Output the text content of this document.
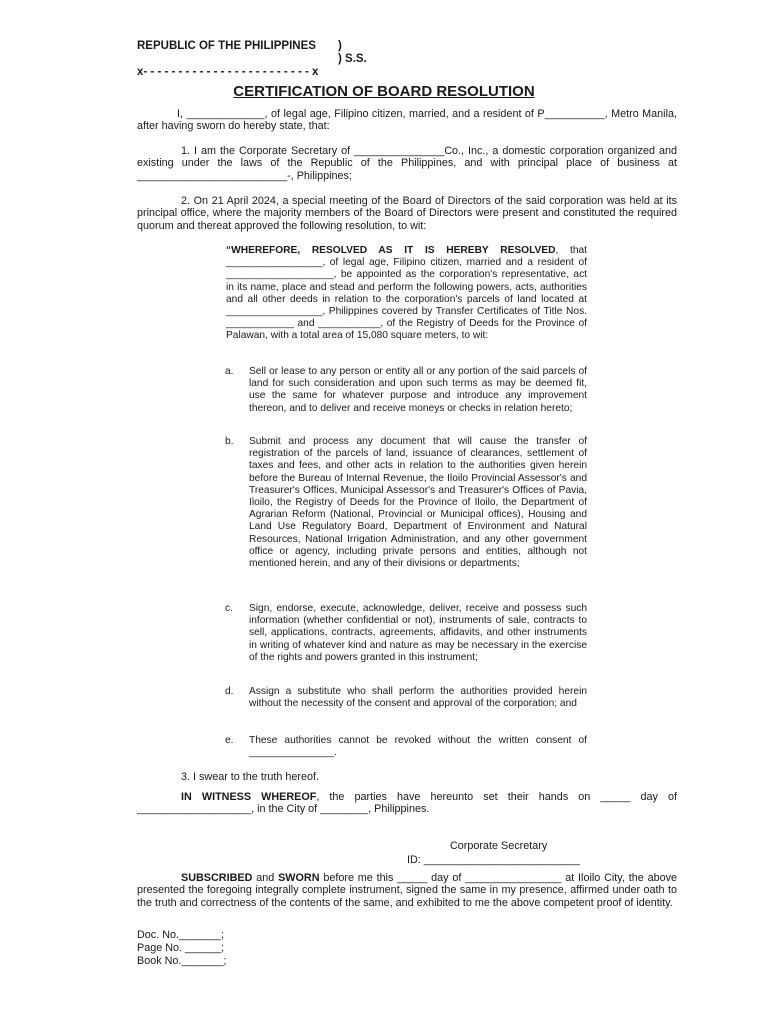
REPUBLIC OF THE PHILIPPINES )
) S.S.
x- - - - - - - - - - - - - - - - - - - - - - - - x
CERTIFICATION OF BOARD RESOLUTION
I, _____________, of legal age, Filipino citizen, married, and a resident of P__________, Metro Manila, after having sworn do hereby state, that:
1. I am the Corporate Secretary of _______________Co., Inc., a domestic corporation organized and existing under the laws of the Republic of the Philippines, and with principal place of business at _________________________-, Philippines;
2. On 21 April 2024, a special meeting of the Board of Directors of the said corporation was held at its principal office, where the majority members of the Board of Directors were present and constituted the required quorum and thereat approved the following resolution, to wit:
“WHEREFORE, RESOLVED AS IT IS HEREBY RESOLVED, that _________________, of legal age, Filipino citizen, married and a resident of ___________________, be appointed as the corporation's representative, act in its name, place and stead and perform the following powers, acts, authorities and all other deeds in relation to the corporation's parcels of land located at _________________, Philippines covered by Transfer Certificates of Title Nos. ____________ and ___________, of the Registry of Deeds for the Province of Palawan, with a total area of 15,080 square meters, to wit:
a. Sell or lease to any person or entity all or any portion of the said parcels of land for such consideration and upon such terms as may be deemed fit, use the same for whatever purpose and introduce any improvement thereon, and to deliver and receive moneys or checks in relation hereto;
b. Submit and process any document that will cause the transfer of registration of the parcels of land, issuance of clearances, settlement of taxes and fees, and other acts in relation to the authorities given herein before the Bureau of Internal Revenue, the Iloilo Provincial Assessor's and Treasurer's Offices, Municipal Assessor's and Treasurer's Offices of Pavia, Iloilo, the Registry of Deeds for the Province of Iloilo, the Department of Agrarian Reform (National, Provincial or Municipal offices), Housing and Land Use Regulatory Board, Department of Environment and Natural Resources, National Irrigation Administration, and any other government office or agency, including private persons and entities, although not mentioned herein, and any of their divisions or departments;
c. Sign, endorse, execute, acknowledge, deliver, receive and possess such information (whether confidential or not), instruments of sale, contracts to sell, applications, contracts, agreements, affidavits, and other instruments in writing of whatever kind and nature as may be necessary in the exercise of the rights and powers granted in this instrument;
d. Assign a substitute who shall perform the authorities provided herein without the necessity of the consent and approval of the corporation; and
e. These authorities cannot be revoked without the written consent of _______________.
3. I swear to the truth hereof.
IN WITNESS WHEREOF, the parties have hereunto set their hands on _____ day of ___________________, in the City of ________, Philippines.
Corporate Secretary
ID: __________________________
SUBSCRIBED and SWORN before me this _____ day of ________________ at Iloilo City, the above presented the foregoing integrally complete instrument, signed the same in my presence, affirmed under oath to the truth and correctness of the contents of the same, and exhibited to me the above competent proof of identity.
Doc. No._______;
Page No. ______;
Book No._______;
